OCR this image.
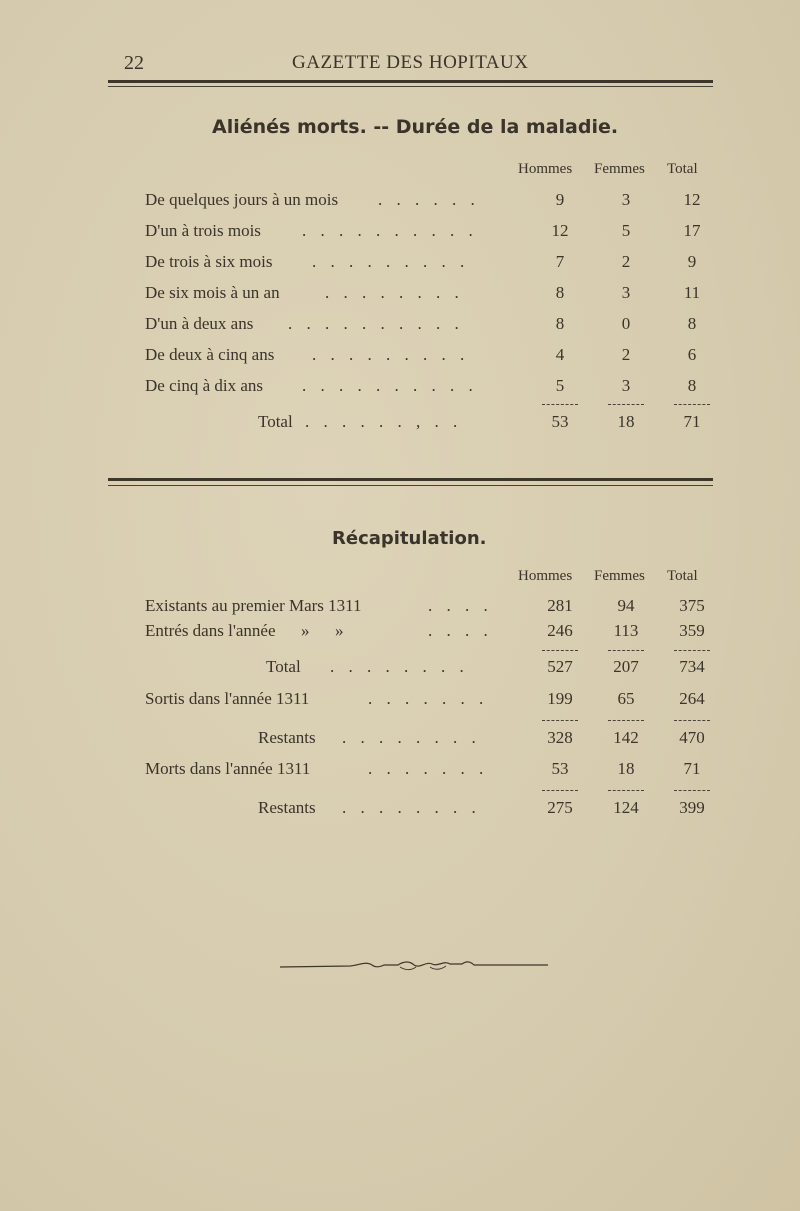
22	GAZETTE DES HOPITAUX
Aliénés morts. -- Durée de la maladie.
Hommes Femmes Total
De quelques jours à un mois . . . . . .	9	3	12
D'un à trois mois . . . . . . . . . .	12	5	17
De trois à six mois . . . . . . . . .	7	2	9
De six mois à un an	. . . . . . . .	8	3	11
D'un à deux ans . . . . . . . . . .	8	0	8
De deux à cinq ans . . . . . . . . .	4	2	6
De cinq à dix ans . . . . . . . . . .	5	3	8
Total . . . . . . , . .	53	18	71
Récapitulation.
Hommes Femmes Total
Existants au premier Mars 1311	. . . .	281	94	375
Entrés dans l'année      »      »	. . . .	246	113	359
Total . . . . . . . .	527	207	734
Sortis dans l'année 1311	. . . . . . .	199	65	264
Restants . . . . . . . .	328	142	470
Morts dans l'année 1311	. . . . . . .	53	18	71
Restants . . . . . . . .	275	124	399
